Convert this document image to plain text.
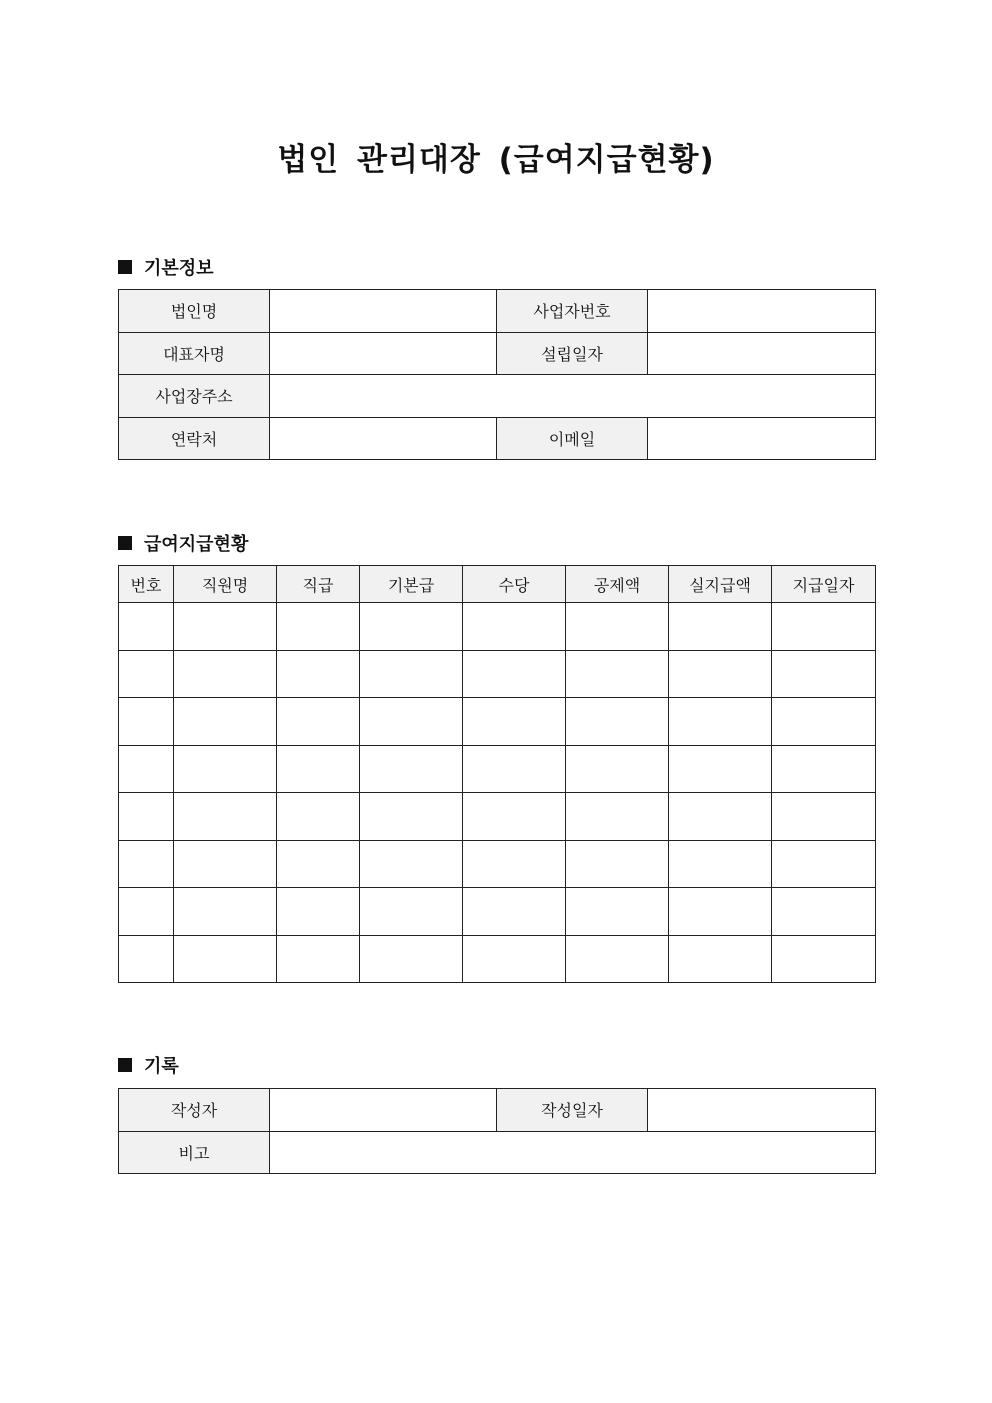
법인 관리대장 (급여지급현황)
기본정보
법인명		사업자번호	
대표자명		설립일자	
사업장주소			
연락처		이메일	
급여지급현황
번호	직원명	직급	기본급	수당	공제액	실지급액	지급일자

기록
작성자		작성일자	
비고			
